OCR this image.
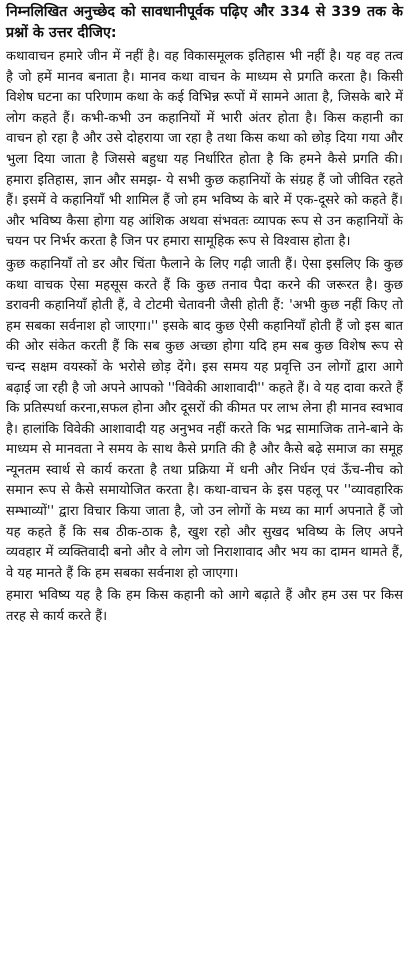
निम्नलिखित अनुच्छेद को सावधानीपूर्वक पढ़िए और 334 से 339 तक के प्रश्नों के उत्तर दीजिए:

कथावाचन हमारे जीन में नहीं है। वह विकासमूलक इतिहास भी नहीं है। यह वह तत्व है जो हमें मानव बनाता है। मानव कथा वाचन के माध्यम से प्रगति करता है। किसी विशेष घटना का परिणाम कथा के कई विभिन्न रूपों में सामने आता है, जिसके बारे में लोग कहते हैं। कभी-कभी उन कहानियों में भारी अंतर होता है। किस कहानी का वाचन हो रहा है और उसे दोहराया जा रहा है तथा किस कथा को छोड़ दिया गया और भुला दिया जाता है जिससे बहुधा यह निर्धारित होता है कि हमने कैसे प्रगति की। हमारा इतिहास, ज्ञान और समझ- ये सभी कुछ कहानियों के संग्रह हैं जो जीवित रहते हैं। इसमें वे कहानियाँ भी शामिल हैं जो हम भविष्य के बारे में एक-दूसरे को कहते हैं। और भविष्य कैसा होगा यह आंशिक अथवा संभवतः व्यापक रूप से उन कहानियों के चयन पर निर्भर करता है जिन पर हमारा सामूहिक रूप से विश्वास होता है।

कुछ कहानियाँ तो डर और चिंता फैलाने के लिए गढ़ी जाती हैं। ऐसा इसलिए कि कुछ कथा वाचक ऐसा महसूस करते हैं कि कुछ तनाव पैदा करने की जरूरत है। कुछ डरावनी कहानियाँ होती हैं, वे टोटमी चेतावनी जैसी होती हैं: 'अभी कुछ नहीं किए तो हम सबका सर्वनाश हो जाएगा।'' इसके बाद कुछ ऐसी कहानियाँ होती हैं जो इस बात की ओर संकेत करती हैं कि सब कुछ अच्छा होगा यदि हम सब कुछ विशेष रूप से चन्द सक्षम वयस्कों के भरोसे छोड़ देंगे। इस समय यह प्रवृत्ति उन लोगों द्वारा आगे बढ़ाई जा रही है जो अपने आपको ''विवेकी आशावादी'' कहते हैं। वे यह दावा करते हैं कि प्रतिस्पर्धा करना,सफल होना और दूसरों की कीमत पर लाभ लेना ही मानव स्वभाव है। हालांकि विवेकी आशावादी यह अनुभव नहीं करते कि भद्र सामाजिक ताने-बाने के माध्यम से मानवता ने समय के साथ कैसे प्रगति की है और कैसे बढ़े समाज का समूह न्यूनतम स्वार्थ से कार्य करता है तथा प्रक्रिया में धनी और निर्धन एवं ऊँच-नीच को समान रूप से कैसे समायोजित करता है। कथा-वाचन के इस पहलू पर ''व्यावहारिक सम्भाव्यों'' द्वारा विचार किया जाता है, जो उन लोगों के मध्य का मार्ग अपनाते हैं जो यह कहते हैं कि सब ठीक-ठाक है, खुश रहो और सुखद भविष्य के लिए अपने व्यवहार में व्यक्तिवादी बनो और वे लोग जो निराशावाद और भय का दामन थामते हैं, वे यह मानते हैं कि हम सबका सर्वनाश हो जाएगा।

हमारा भविष्य यह है कि हम किस कहानी को आगे बढ़ाते हैं और हम उस पर किस तरह से कार्य करते हैं।
